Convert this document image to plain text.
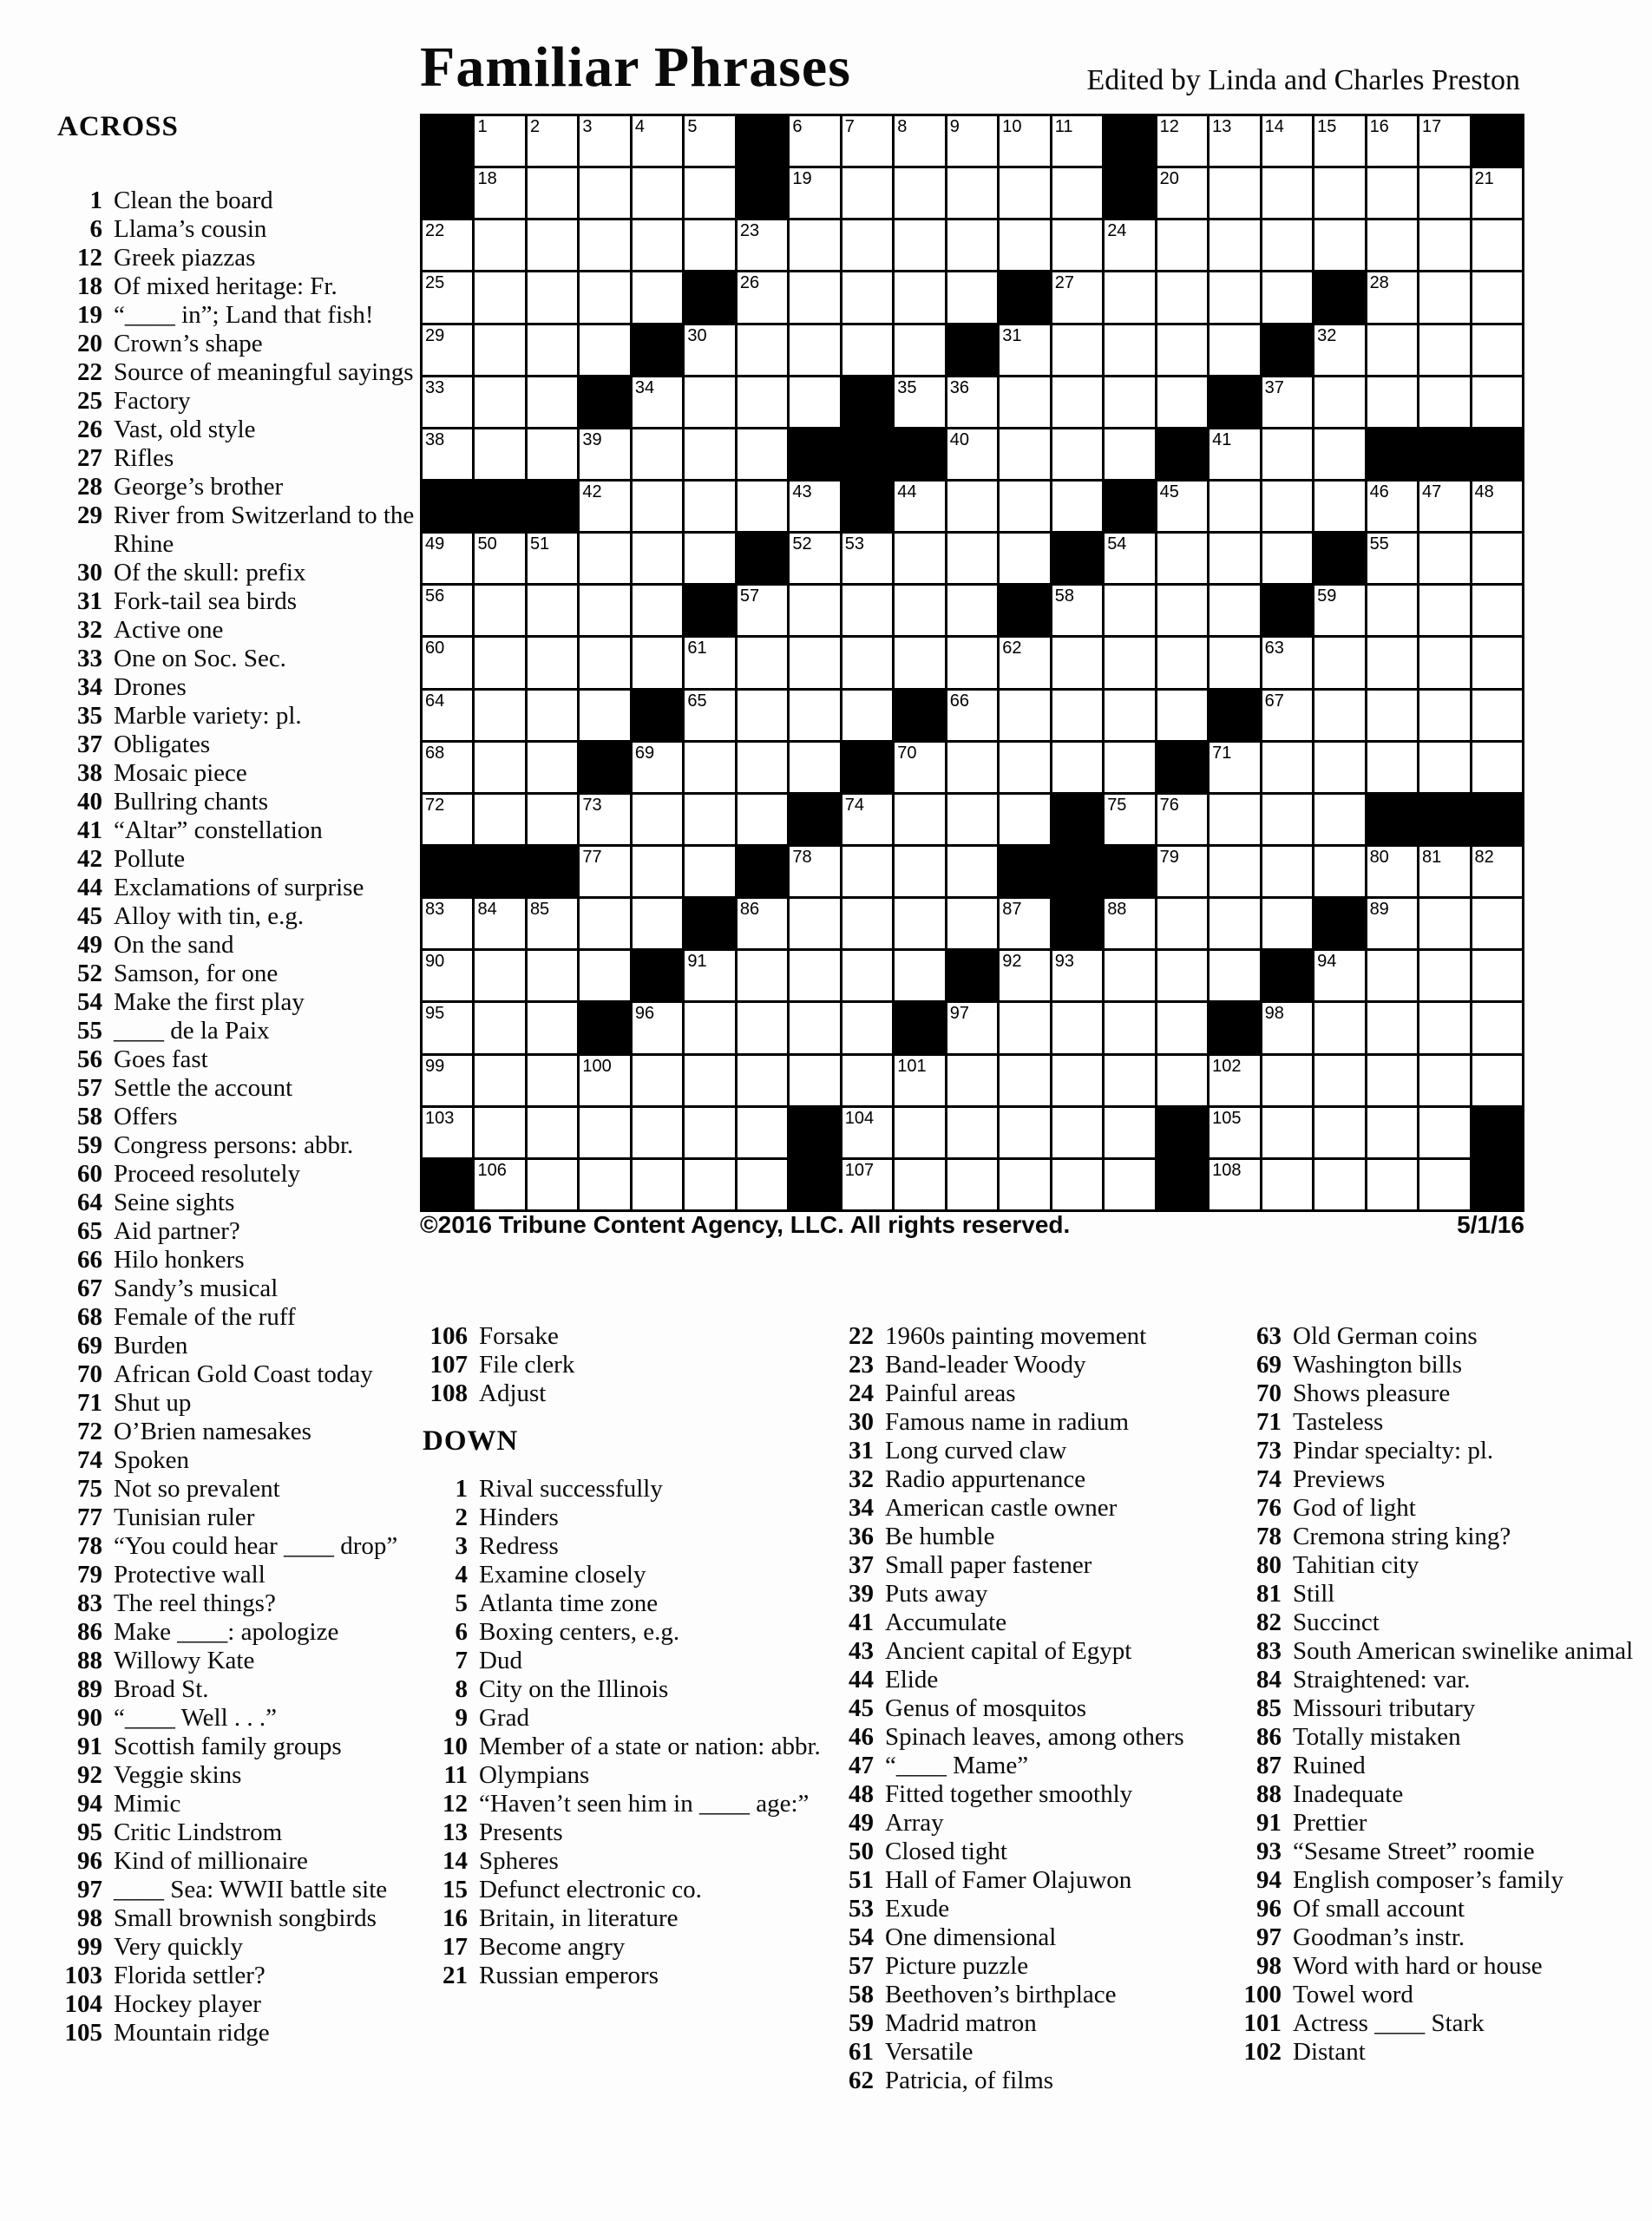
Familiar Phrases	Edited by Linda and Charles Preston
ACROSS
1 Clean the board
6 Llama’s cousin
12 Greek piazzas
18 Of mixed heritage: Fr.
19 “____ in”; Land that fish!
20 Crown’s shape
22 Source of meaningful sayings
25 Factory
26 Vast, old style
27 Rifles
28 George’s brother
29 River from Switzerland to the Rhine
30 Of the skull: prefix
31 Fork-tail sea birds
32 Active one
33 One on Soc. Sec.
34 Drones
35 Marble variety: pl.
37 Obligates
38 Mosaic piece
40 Bullring chants
41 “Altar” constellation
42 Pollute
44 Exclamations of surprise
45 Alloy with tin, e.g.
49 On the sand
52 Samson, for one
54 Make the first play
55 ____ de la Paix
56 Goes fast
57 Settle the account
58 Offers
59 Congress persons: abbr.
60 Proceed resolutely
64 Seine sights
65 Aid partner?
66 Hilo honkers
67 Sandy’s musical
68 Female of the ruff
69 Burden
70 African Gold Coast today
71 Shut up
72 O’Brien namesakes
74 Spoken
75 Not so prevalent
77 Tunisian ruler
78 “You could hear ____ drop”
79 Protective wall
83 The reel things?
86 Make ____: apologize
88 Willowy Kate
89 Broad St.
90 “____ Well . . .”
91 Scottish family groups
92 Veggie skins
94 Mimic
95 Critic Lindstrom
96 Kind of millionaire
97 ____ Sea: WWII battle site
98 Small brownish songbirds
99 Very quickly
103 Florida settler?
104 Hockey player
105 Mountain ridge
1 2 3 4 5	6 7 8 9 10 11	12 13 14 15 16 17
18	19	20	21
22	23	24
25	26	27	28
29	30	31	32
33	34	35 36	37
38	39	40	41
42	43	44	45	46 47 48
49 50 51	52 53	54	55
56	57	58	59
60	61	62	63
64	65	66	67
68	69	70	71
72	73	74	75 76
77	78	79	80 81 82
83 84 85	86	87	88	89
90	91	92 93	94
95	96	97	98
99	100	101	102
103	104	105
106	107	108
©2016 Tribune Content Agency, LLC. All rights reserved.	5/1/16
106 Forsake
107 File clerk
108 Adjust
DOWN
1 Rival successfully
2 Hinders
3 Redress
4 Examine closely
5 Atlanta time zone
6 Boxing centers, e.g.
7 Dud
8 City on the Illinois
9 Grad
10 Member of a state or nation: abbr.
11 Olympians
12 “Haven’t seen him in ____ age:”
13 Presents
14 Spheres
15 Defunct electronic co.
16 Britain, in literature
17 Become angry
21 Russian emperors
22 1960s painting movement
23 Band-leader Woody
24 Painful areas
30 Famous name in radium
31 Long curved claw
32 Radio appurtenance
34 American castle owner
36 Be humble
37 Small paper fastener
39 Puts away
41 Accumulate
43 Ancient capital of Egypt
44 Elide
45 Genus of mosquitos
46 Spinach leaves, among others
47 “____ Mame”
48 Fitted together smoothly
49 Array
50 Closed tight
51 Hall of Famer Olajuwon
53 Exude
54 One dimensional
57 Picture puzzle
58 Beethoven’s birthplace
59 Madrid matron
61 Versatile
62 Patricia, of films
63 Old German coins
69 Washington bills
70 Shows pleasure
71 Tasteless
73 Pindar specialty: pl.
74 Previews
76 God of light
78 Cremona string king?
80 Tahitian city
81 Still
82 Succinct
83 South American swinelike animal
84 Straightened: var.
85 Missouri tributary
86 Totally mistaken
87 Ruined
88 Inadequate
91 Prettier
93 “Sesame Street” roomie
94 English composer’s family
96 Of small account
97 Goodman’s instr.
98 Word with hard or house
100 Towel word
101 Actress ____ Stark
102 Distant
